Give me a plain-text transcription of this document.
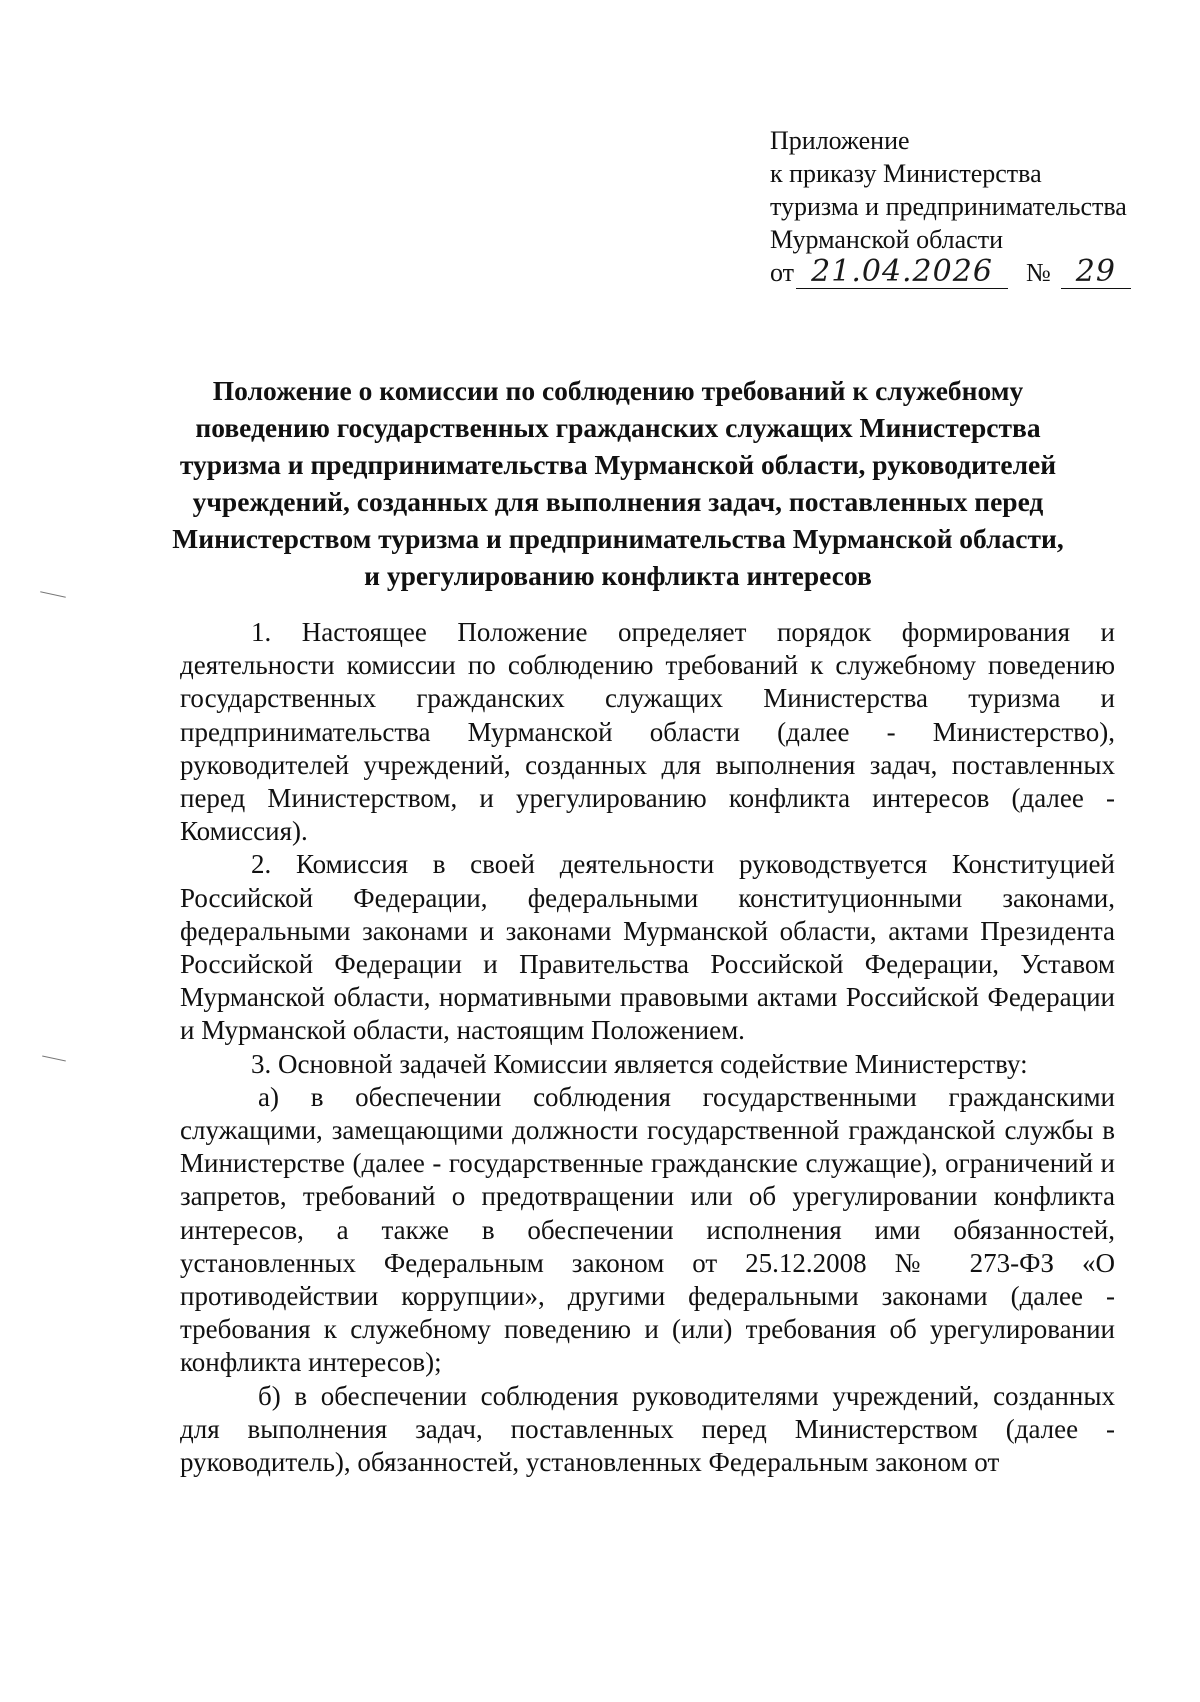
Приложение
к приказу Министерства
туризма и предпринимательства
Мурманской области
от 21.04.2026	№ 29
Положение о комиссии по соблюдению требований к служебному
поведению государственных гражданских служащих Министерства
туризма и предпринимательства Мурманской области, руководителей
учреждений, созданных для выполнения задач, поставленных перед
Министерством туризма и предпринимательства Мурманской области,
и урегулированию конфликта интересов

1. Настоящее Положение определяет порядок формирования и деятельности комиссии по соблюдению требований к служебному поведению государственных гражданских служащих Министерства туризма и предпринимательства Мурманской области (далее - Министерство), руководителей учреждений, созданных для выполнения задач, поставленных перед Министерством, и урегулированию конфликта интересов (далее - Комиссия).

2. Комиссия в своей деятельности руководствуется Конституцией Российской Федерации, федеральными конституционными законами, федеральными законами и законами Мурманской области, актами Президента Российской Федерации и Правительства Российской Федерации, Уставом Мурманской области, нормативными правовыми актами Российской Федерации и Мурманской области, настоящим Положением.

3. Основной задачей Комиссии является содействие Министерству:

а) в обеспечении соблюдения государственными гражданскими служащими, замещающими должности государственной гражданской службы в Министерстве (далее - государственные гражданские служащие), ограничений и запретов, требований о предотвращении или об урегулировании конфликта интересов, а также в обеспечении исполнения ими обязанностей, установленных Федеральным законом от 25.12.2008 № 273-ФЗ «О противодействии коррупции», другими федеральными законами (далее - требования к служебному поведению и (или) требования об урегулировании конфликта интересов);

б) в обеспечении соблюдения руководителями учреждений, созданных для выполнения задач, поставленных перед Министерством (далее - руководитель), обязанностей, установленных Федеральным законом от
